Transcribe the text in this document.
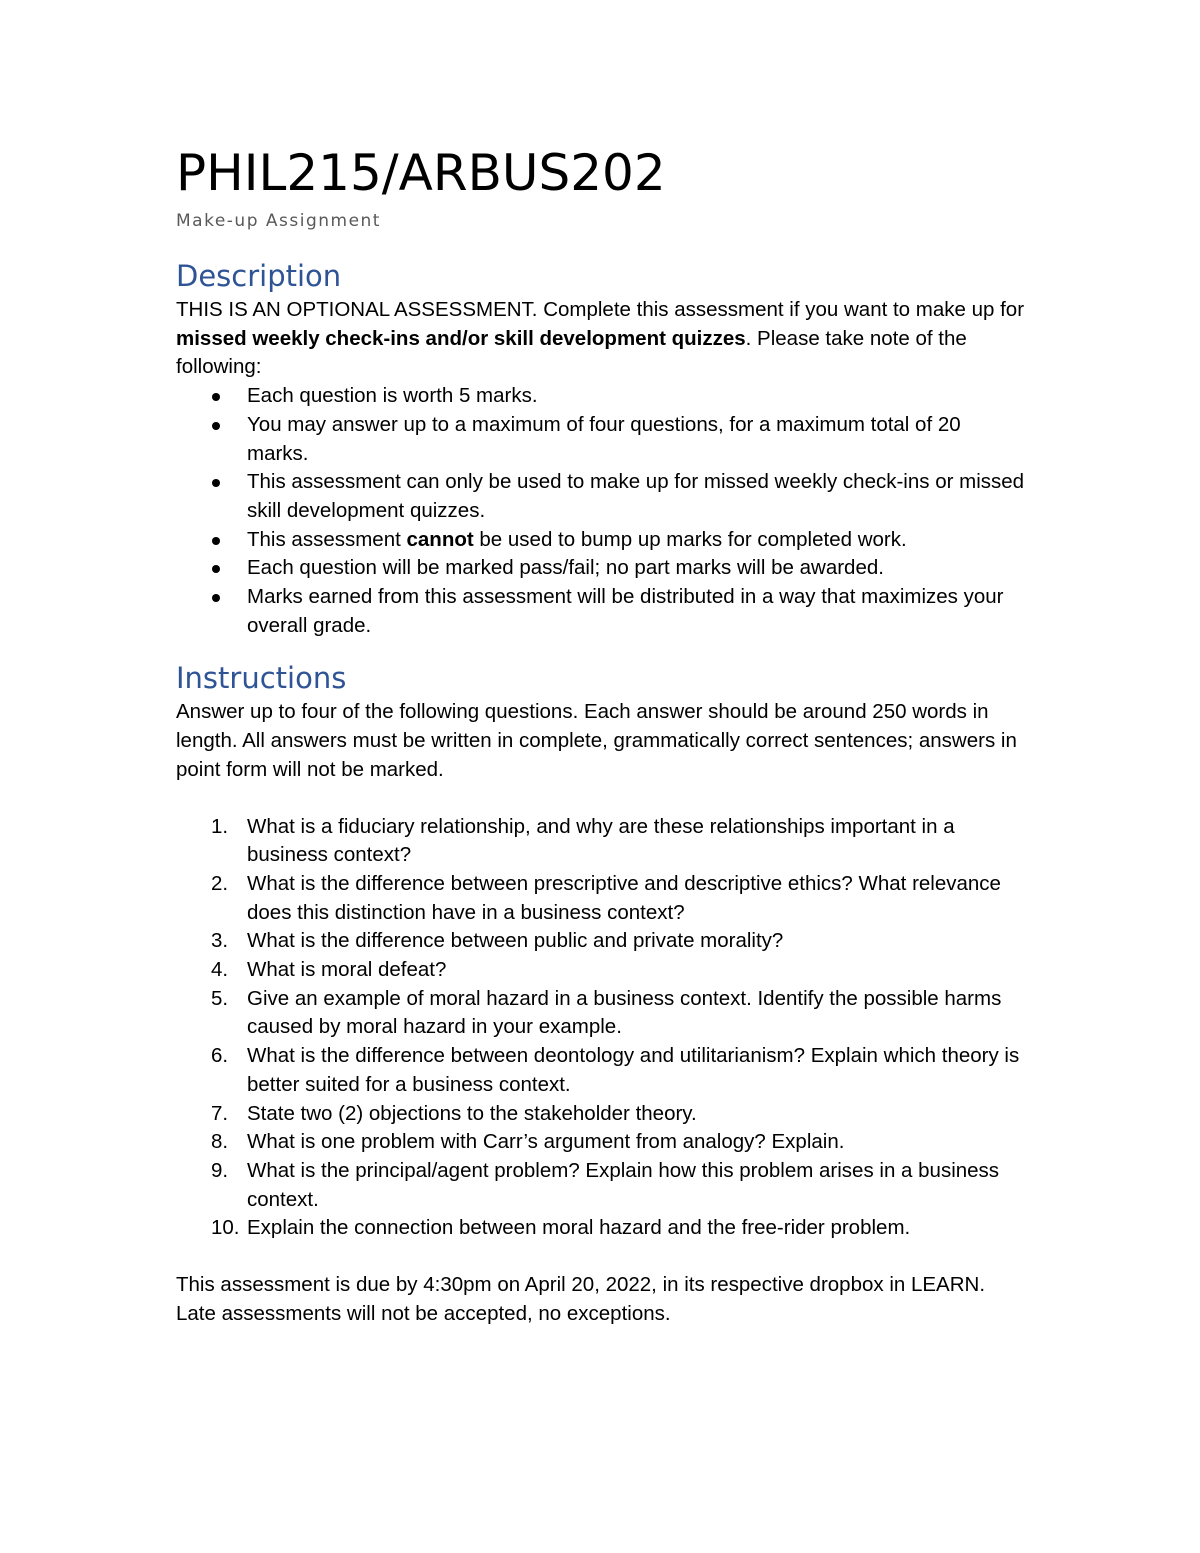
PHIL215/ARBUS202

Make-up Assignment

Description

THIS IS AN OPTIONAL ASSESSMENT. Complete this assessment if you want to make up for missed weekly check-ins and/or skill development quizzes. Please take note of the following:

Each question is worth 5 marks.
You may answer up to a maximum of four questions, for a maximum total of 20 marks.
This assessment can only be used to make up for missed weekly check-ins or missed skill development quizzes.
This assessment cannot be used to bump up marks for completed work.
Each question will be marked pass/fail; no part marks will be awarded.
Marks earned from this assessment will be distributed in a way that maximizes your overall grade.
Instructions

Answer up to four of the following questions. Each answer should be around 250 words in length. All answers must be written in complete, grammatically correct sentences; answers in point form will not be marked.

1. What is a fiduciary relationship, and why are these relationships important in a business context?
2. What is the difference between prescriptive and descriptive ethics? What relevance does this distinction have in a business context?
3. What is the difference between public and private morality?
4. What is moral defeat?
5. Give an example of moral hazard in a business context. Identify the possible harms caused by moral hazard in your example.
6. What is the difference between deontology and utilitarianism? Explain which theory is better suited for a business context.
7. State two (2) objections to the stakeholder theory.
8. What is one problem with Carr’s argument from analogy? Explain.
9. What is the principal/agent problem? Explain how this problem arises in a business context.
10. Explain the connection between moral hazard and the free-rider problem.

This assessment is due by 4:30pm on April 20, 2022, in its respective dropbox in LEARN. Late assessments will not be accepted, no exceptions.
